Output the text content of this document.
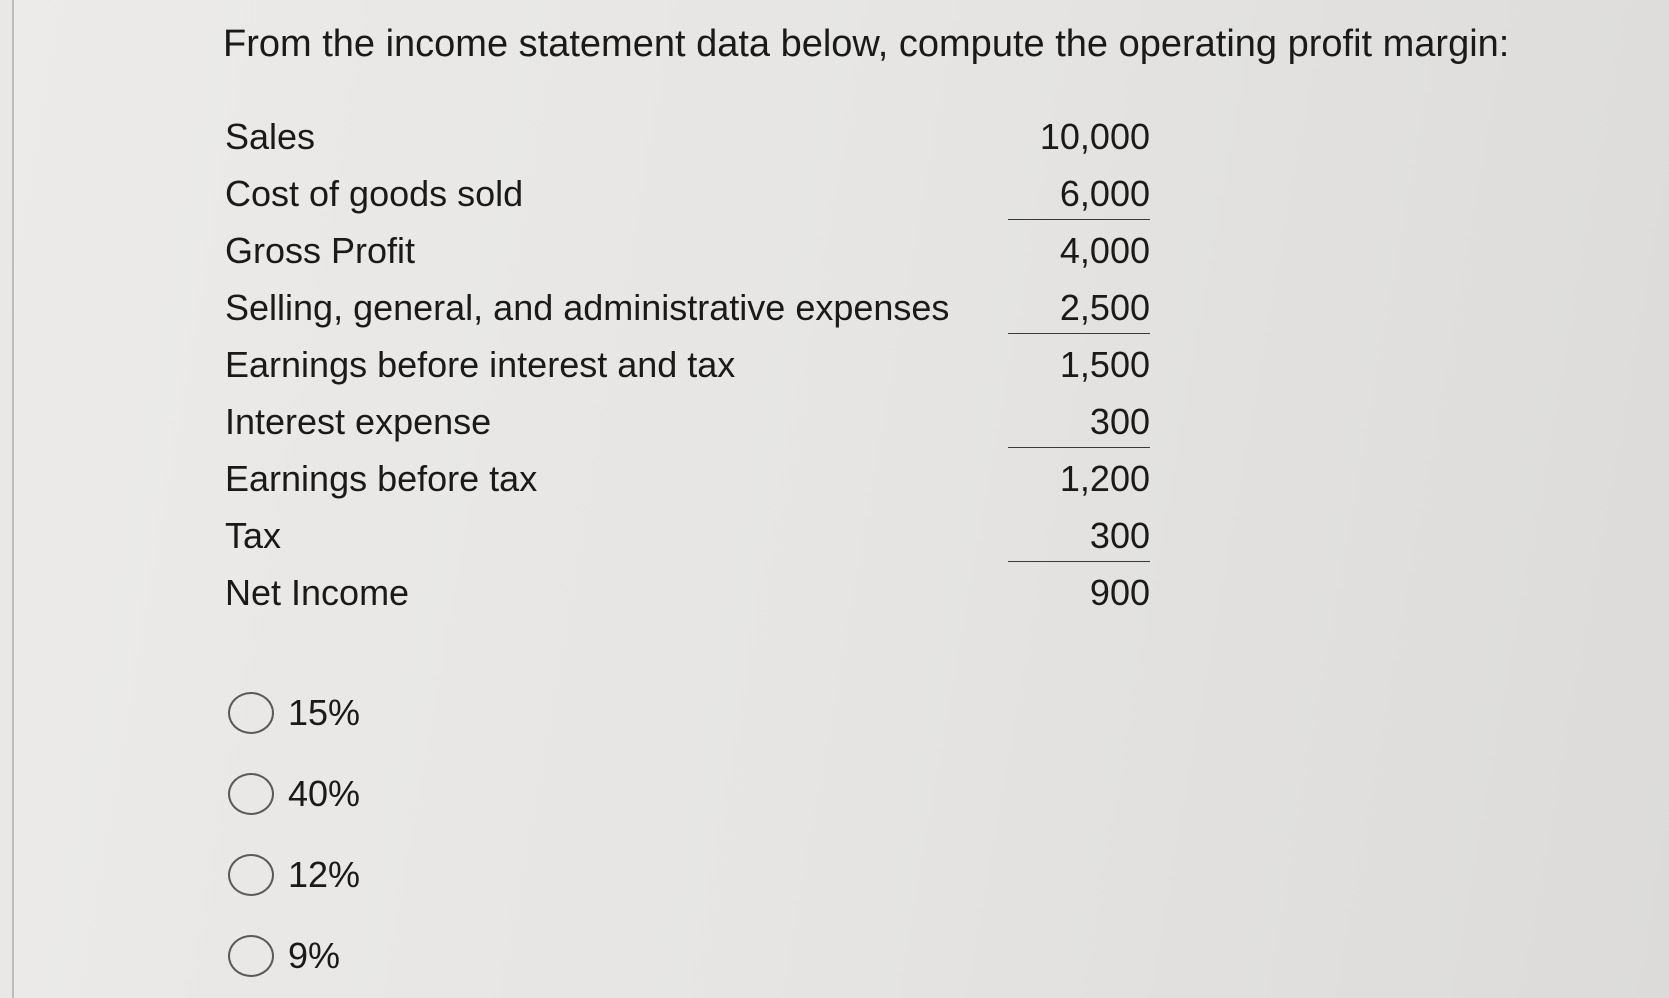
From the income statement data below, compute the operating profit margin:
Sales	10,000
Cost of goods sold	6,000
Gross Profit	4,000
Selling, general, and administrative expenses	2,500
Earnings before interest and tax	1,500
Interest expense	300
Earnings before tax	1,200
Tax	300
Net Income	900
15%
40%
12%
9%
